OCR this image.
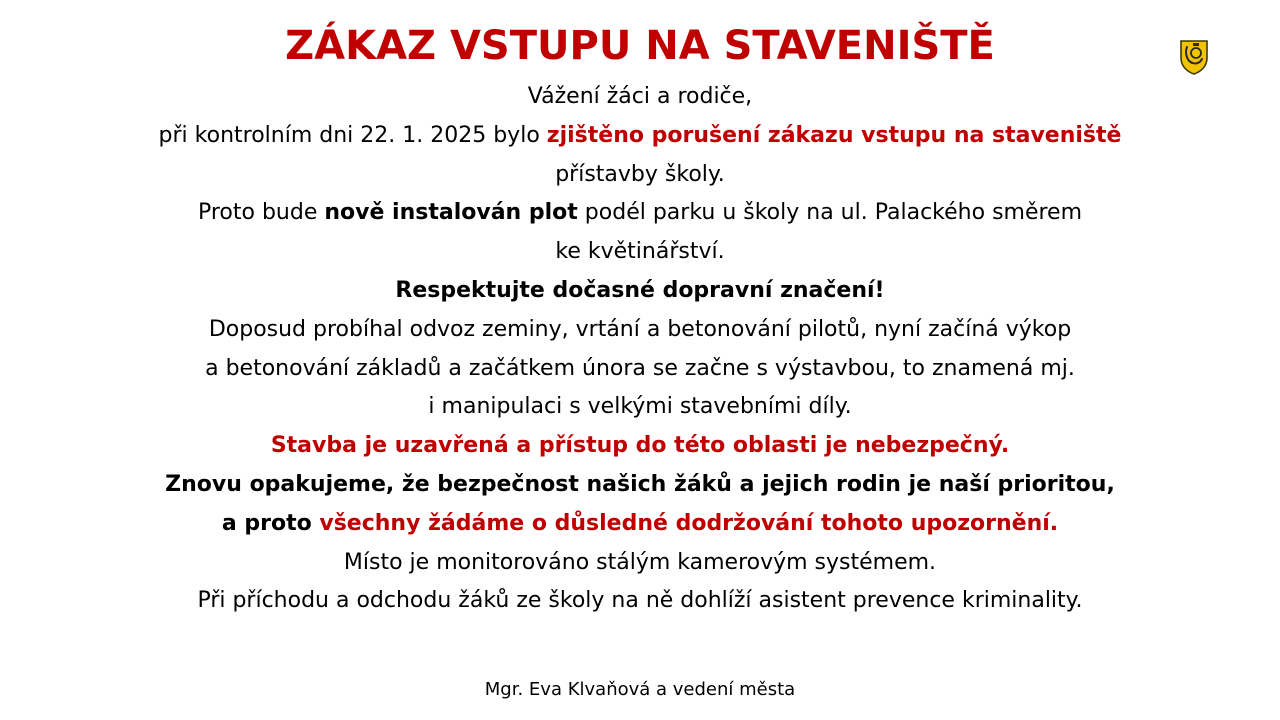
ZÁKAZ VSTUPU NA STAVENIŠTĚ
Vážení žáci a rodiče,
při kontrolním dni 22. 1. 2025 bylo zjištěno porušení zákazu vstupu na staveniště
přístavby školy.
Proto bude nově instalován plot podél parku u školy na ul. Palackého směrem
ke květinářství.
Respektujte dočasné dopravní značení!
Doposud probíhal odvoz zeminy, vrtání a betonování pilotů, nyní začíná výkop
a betonování základů a začátkem února se začne s výstavbou, to znamená mj.
i manipulaci s velkými stavebními díly.
Stavba je uzavřená a přístup do této oblasti je nebezpečný.
Znovu opakujeme, že bezpečnost našich žáků a jejich rodin je naší prioritou,
a proto všechny žádáme o důsledné dodržování tohoto upozornění.
Místo je monitorováno stálým kamerovým systémem.
Při příchodu a odchodu žáků ze školy na ně dohlíží asistent prevence kriminality.
Mgr. Eva Klvaňová a vedení města
